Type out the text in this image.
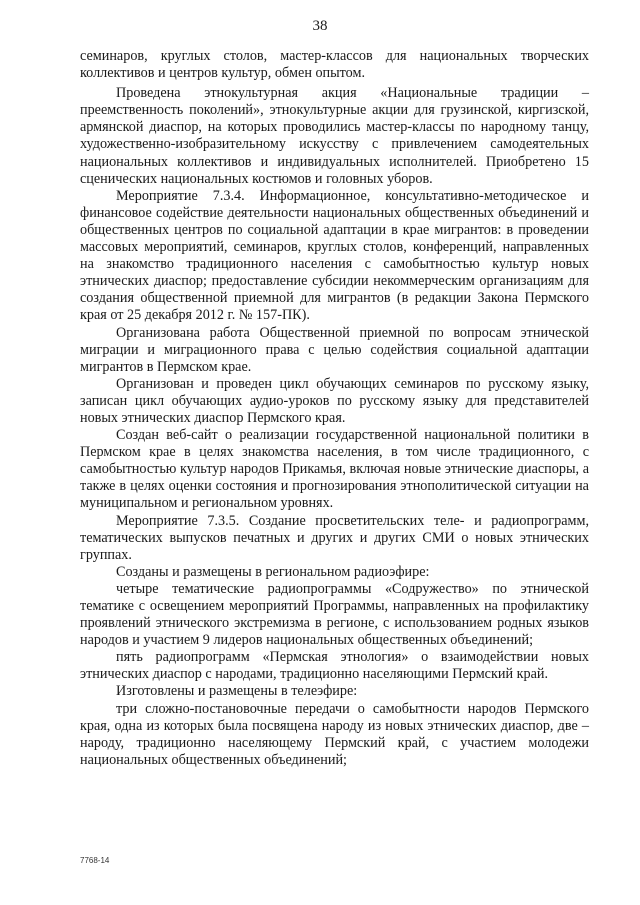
38

семинаров, круглых столов, мастер-классов для национальных творческих коллективов и центров культур, обмен опытом.

Проведена этнокультурная акция «Национальные традиции – преемственность поколений», этнокультурные акции для грузинской, киргизской, армянской диаспор, на которых проводились мастер-классы по народному танцу, художественно-изобразительному искусству с привлечением самодеятельных национальных коллективов и индивидуальных исполнителей. Приобретено 15 сценических национальных костюмов и головных уборов.

Мероприятие 7.3.4. Информационное, консультативно-методическое и финансовое содействие деятельности национальных общественных объединений и общественных центров по социальной адаптации в крае мигрантов: в проведении массовых мероприятий, семинаров, круглых столов, конференций, направленных на знакомство традиционного населения с самобытностью культур новых этнических диаспор; предоставление субсидии некоммерческим организациям для создания общественной приемной для мигрантов (в редакции Закона Пермского края от 25 декабря 2012 г. № 157-ПК).

Организована работа Общественной приемной по вопросам этнической миграции и миграционного права с целью содействия социальной адаптации мигрантов в Пермском крае.

Организован и проведен цикл обучающих семинаров по русскому языку, записан цикл обучающих аудио-уроков по русскому языку для представителей новых этнических диаспор Пермского края.

Создан веб-сайт о реализации государственной национальной политики в Пермском крае в целях знакомства населения, в том числе традиционного, с самобытностью культур народов Прикамья, включая новые этнические диаспоры, а также в целях оценки состояния и прогнозирования этнополитической ситуации на муниципальном и региональном уровнях.

Мероприятие 7.3.5. Создание просветительских теле- и радиопрограмм, тематических выпусков печатных и других и других СМИ о новых этнических группах.

Созданы и размещены в региональном радиоэфире:

четыре тематические радиопрограммы «Содружество» по этнической тематике с освещением мероприятий Программы, направленных на профилактику проявлений этнического экстремизма в регионе, с использованием родных языков народов и участием 9 лидеров национальных общественных объединений;

пять радиопрограмм «Пермская этнология» о взаимодействии новых этнических диаспор с народами, традиционно населяющими Пермский край.

Изготовлены и размещены в телеэфире:

три сложно-постановочные передачи о самобытности народов Пермского края, одна из которых была посвящена народу из новых этнических диаспор, две – народу, традиционно населяющему Пермский край, с участием молодежи национальных общественных объединений;

7768-14
